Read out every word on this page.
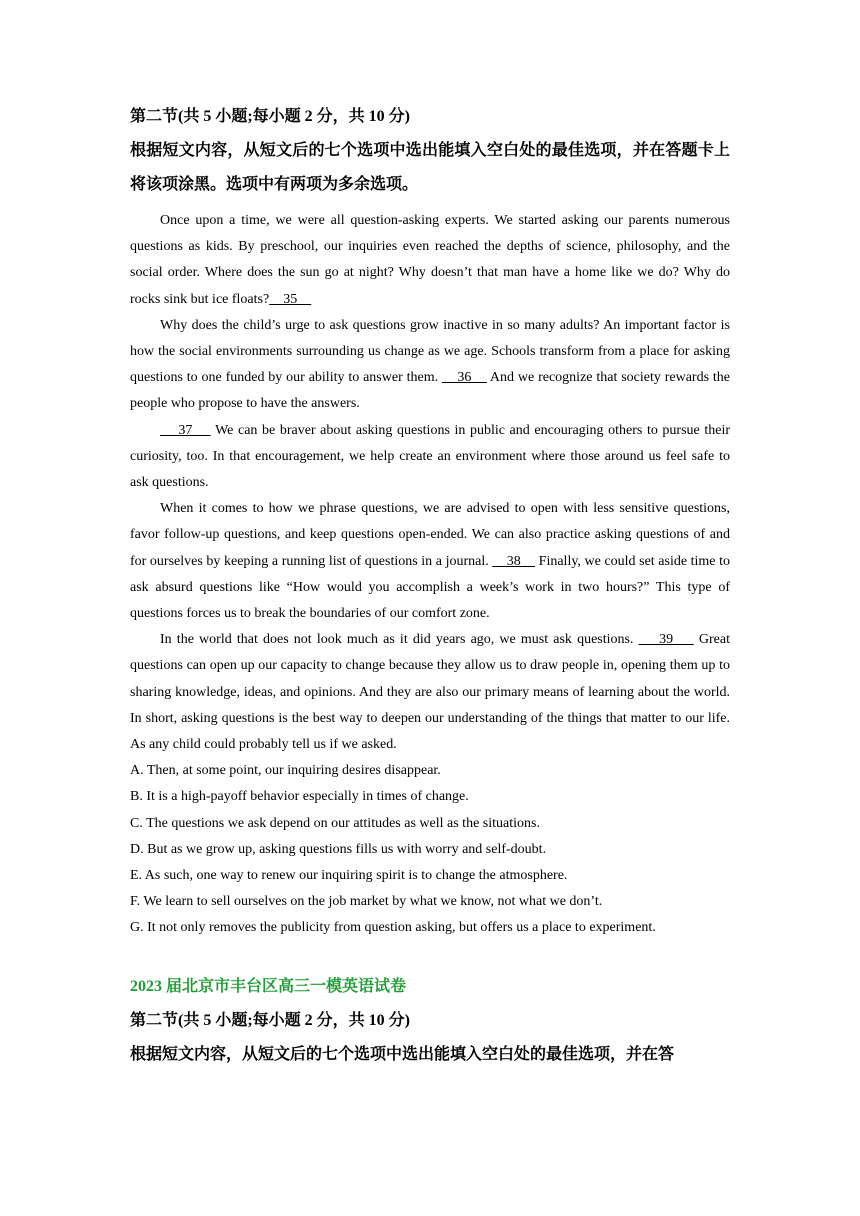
第二节(共 5 小题;每小题 2 分，共 10 分)

根据短文内容，从短文后的七个选项中选出能填入空白处的最佳选项，并在答题卡上将该项涂黑。选项中有两项为多余选项。

Once upon a time, we were all question-asking experts. We started asking our parents numerous questions as kids. By preschool, our inquiries even reached the depths of science, philosophy, and the social order. Where does the sun go at night? Why doesn’t that man have a home like we do? Why do rocks sink but ice floats?    35

Why does the child’s urge to ask questions grow inactive in so many adults? An important factor is how the social environments surrounding us change as we age. Schools transform from a place for asking questions to one funded by our ability to answer them.     36     And we recognize that society rewards the people who propose to have the answers.

37     We can be braver about asking questions in public and encouraging others to pursue their curiosity, too. In that encouragement, we help create an environment where those around us feel safe to ask questions.

When it comes to how we phrase questions, we are advised to open with less sensitive questions, favor follow-up questions, and keep questions open-ended. We can also practice asking questions of and for ourselves by keeping a running list of questions in a journal.     38     Finally, we could set aside time to ask absurd questions like “How would you accomplish a week’s work in two hours?” This type of questions forces us to break the boundaries of our comfort zone.

In the world that does not look much as it did years ago, we must ask questions.     39     Great questions can open up our capacity to change because they allow us to draw people in, opening them up to sharing knowledge, ideas, and opinions. And they are also our primary means of learning about the world. In short, asking questions is the best way to deepen our understanding of the things that matter to our life. As any child could probably tell us if we asked.

A. Then, at some point, our inquiring desires disappear.
B. It is a high-payoff behavior especially in times of change.
C. The questions we ask depend on our attitudes as well as the situations.
D. But as we grow up, asking questions fills us with worry and self-doubt.
E. As such, one way to renew our inquiring spirit is to change the atmosphere.
F. We learn to sell ourselves on the job market by what we know, not what we don’t.
G. It not only removes the publicity from question asking, but offers us a place to experiment.

2023 届北京市丰台区高三一模英语试卷

第二节(共 5 小题;每小题 2 分，共 10 分)

根据短文内容，从短文后的七个选项中选出能填入空白处的最佳选项，并在答
